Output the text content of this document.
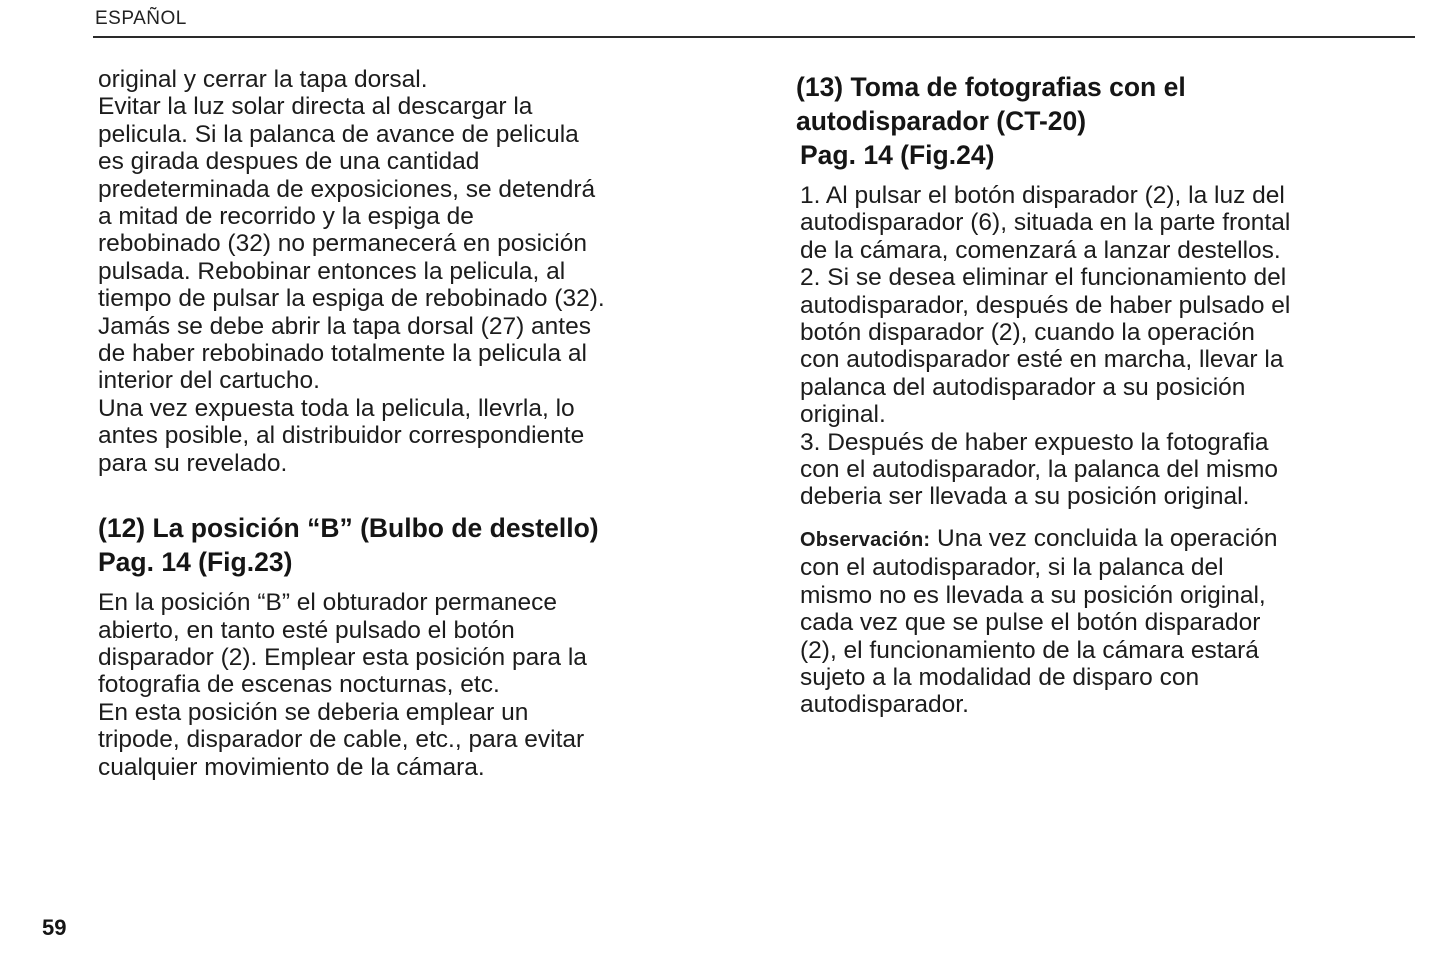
ESPAÑOL

original y cerrar la tapa dorsal.
Evitar la luz solar directa al descargar la
pelicula. Si la palanca de avance de pelicula
es girada despues de una cantidad
predeterminada de exposiciones, se detendrá
a mitad de recorrido y la espiga de
rebobinado (32) no permanecerá en posición
pulsada. Rebobinar entonces la pelicula, al
tiempo de pulsar la espiga de rebobinado (32).
Jamás se debe abrir la tapa dorsal (27) antes
de haber rebobinado totalmente la pelicula al
interior del cartucho.
Una vez expuesta toda la pelicula, llevrla, lo
antes posible, al distribuidor correspondiente
para su revelado.

(12) La posición “B” (Bulbo de destello)
Pag. 14 (Fig.23)

En la posición “B” el obturador permanece
abierto, en tanto esté pulsado el botón
disparador (2). Emplear esta posición para la
fotografia de escenas nocturnas, etc.
En esta posición se deberia emplear un
tripode, disparador de cable, etc., para evitar
cualquier movimiento de la cámara.

(13) Toma de fotografias con el
autodisparador (CT-20)

Pag. 14 (Fig.24)

1. Al pulsar el botón disparador (2), la luz del
autodisparador (6), situada en la parte frontal
de la cámara, comenzará a lanzar destellos.
2. Si se desea eliminar el funcionamiento del
autodisparador, después de haber pulsado el
botón disparador (2), cuando la operación
con autodisparador esté en marcha, llevar la
palanca del autodisparador a su posición
original.
3. Después de haber expuesto la fotografia
con el autodisparador, la palanca del mismo
deberia ser llevada a su posición original.

Observación: Una vez concluida la operación
con el autodisparador, si la palanca del
mismo no es llevada a su posición original,
cada vez que se pulse el botón disparador
(2), el funcionamiento de la cámara estará
sujeto a la modalidad de disparo con
autodisparador.

59
